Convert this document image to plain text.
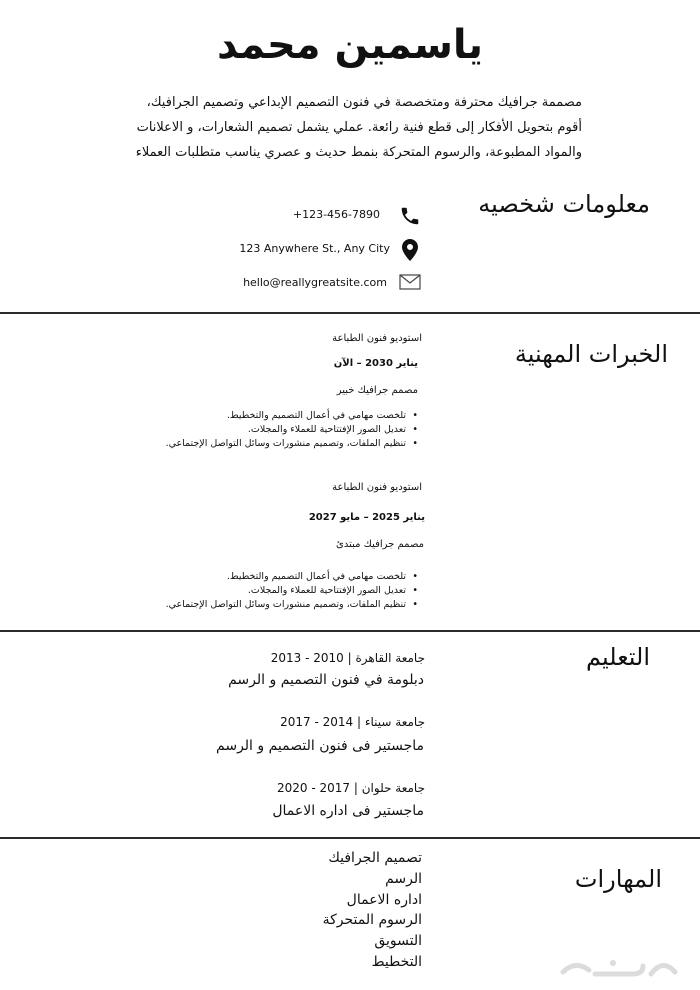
ياسمين محمد
مصممة جرافيك محترفة ومتخصصة في فنون التصميم الإبداعي وتصميم الجرافيك،
أقوم بتحويل الأفكار إلى قطع فنية رائعة. عملي يشمل تصميم الشعارات، و الاعلانات
والمواد المطبوعة، والرسوم المتحركة بنمط حديث و عصري يناسب متطلبات العملاء
معلومات شخصيه
+123-456-7890
123 Anywhere St., Any City
hello@reallygreatsite.com
الخبرات المهنية
استوديو فنون الطباعة
يناير 2030 – الآن
مصمم جرافيك خبير
• تلخصت مهامي في أعمال التصميم والتخطيط.
• تعديل الصور الإفتتاحية للعملاء والمجلات.
• تنظيم الملفات، وتصميم منشورات وسائل التواصل الإجتماعي.
استوديو فنون الطباعة
يناير 2025 – مايو 2027
مصمم جرافيك مبتدئ
• تلخصت مهامي في أعمال التصميم والتخطيط.
• تعديل الصور الإفتتاحية للعملاء والمجلات.
• تنظيم الملفات، وتصميم منشورات وسائل التواصل الإجتماعي.
التعليم
جامعة القاهرة | 2010 - 2013
دبلومة في فنون التصميم و الرسم
جامعة سيناء | 2014 - 2017
ماجستير فى فنون التصميم و الرسم
جامعة حلوان | 2017 - 2020
ماجستير فى اداره الاعمال
المهارات
تصميم الجرافيك
الرسم
اداره الاعمال
الرسوم المتحركة
التسويق
التخطيط
